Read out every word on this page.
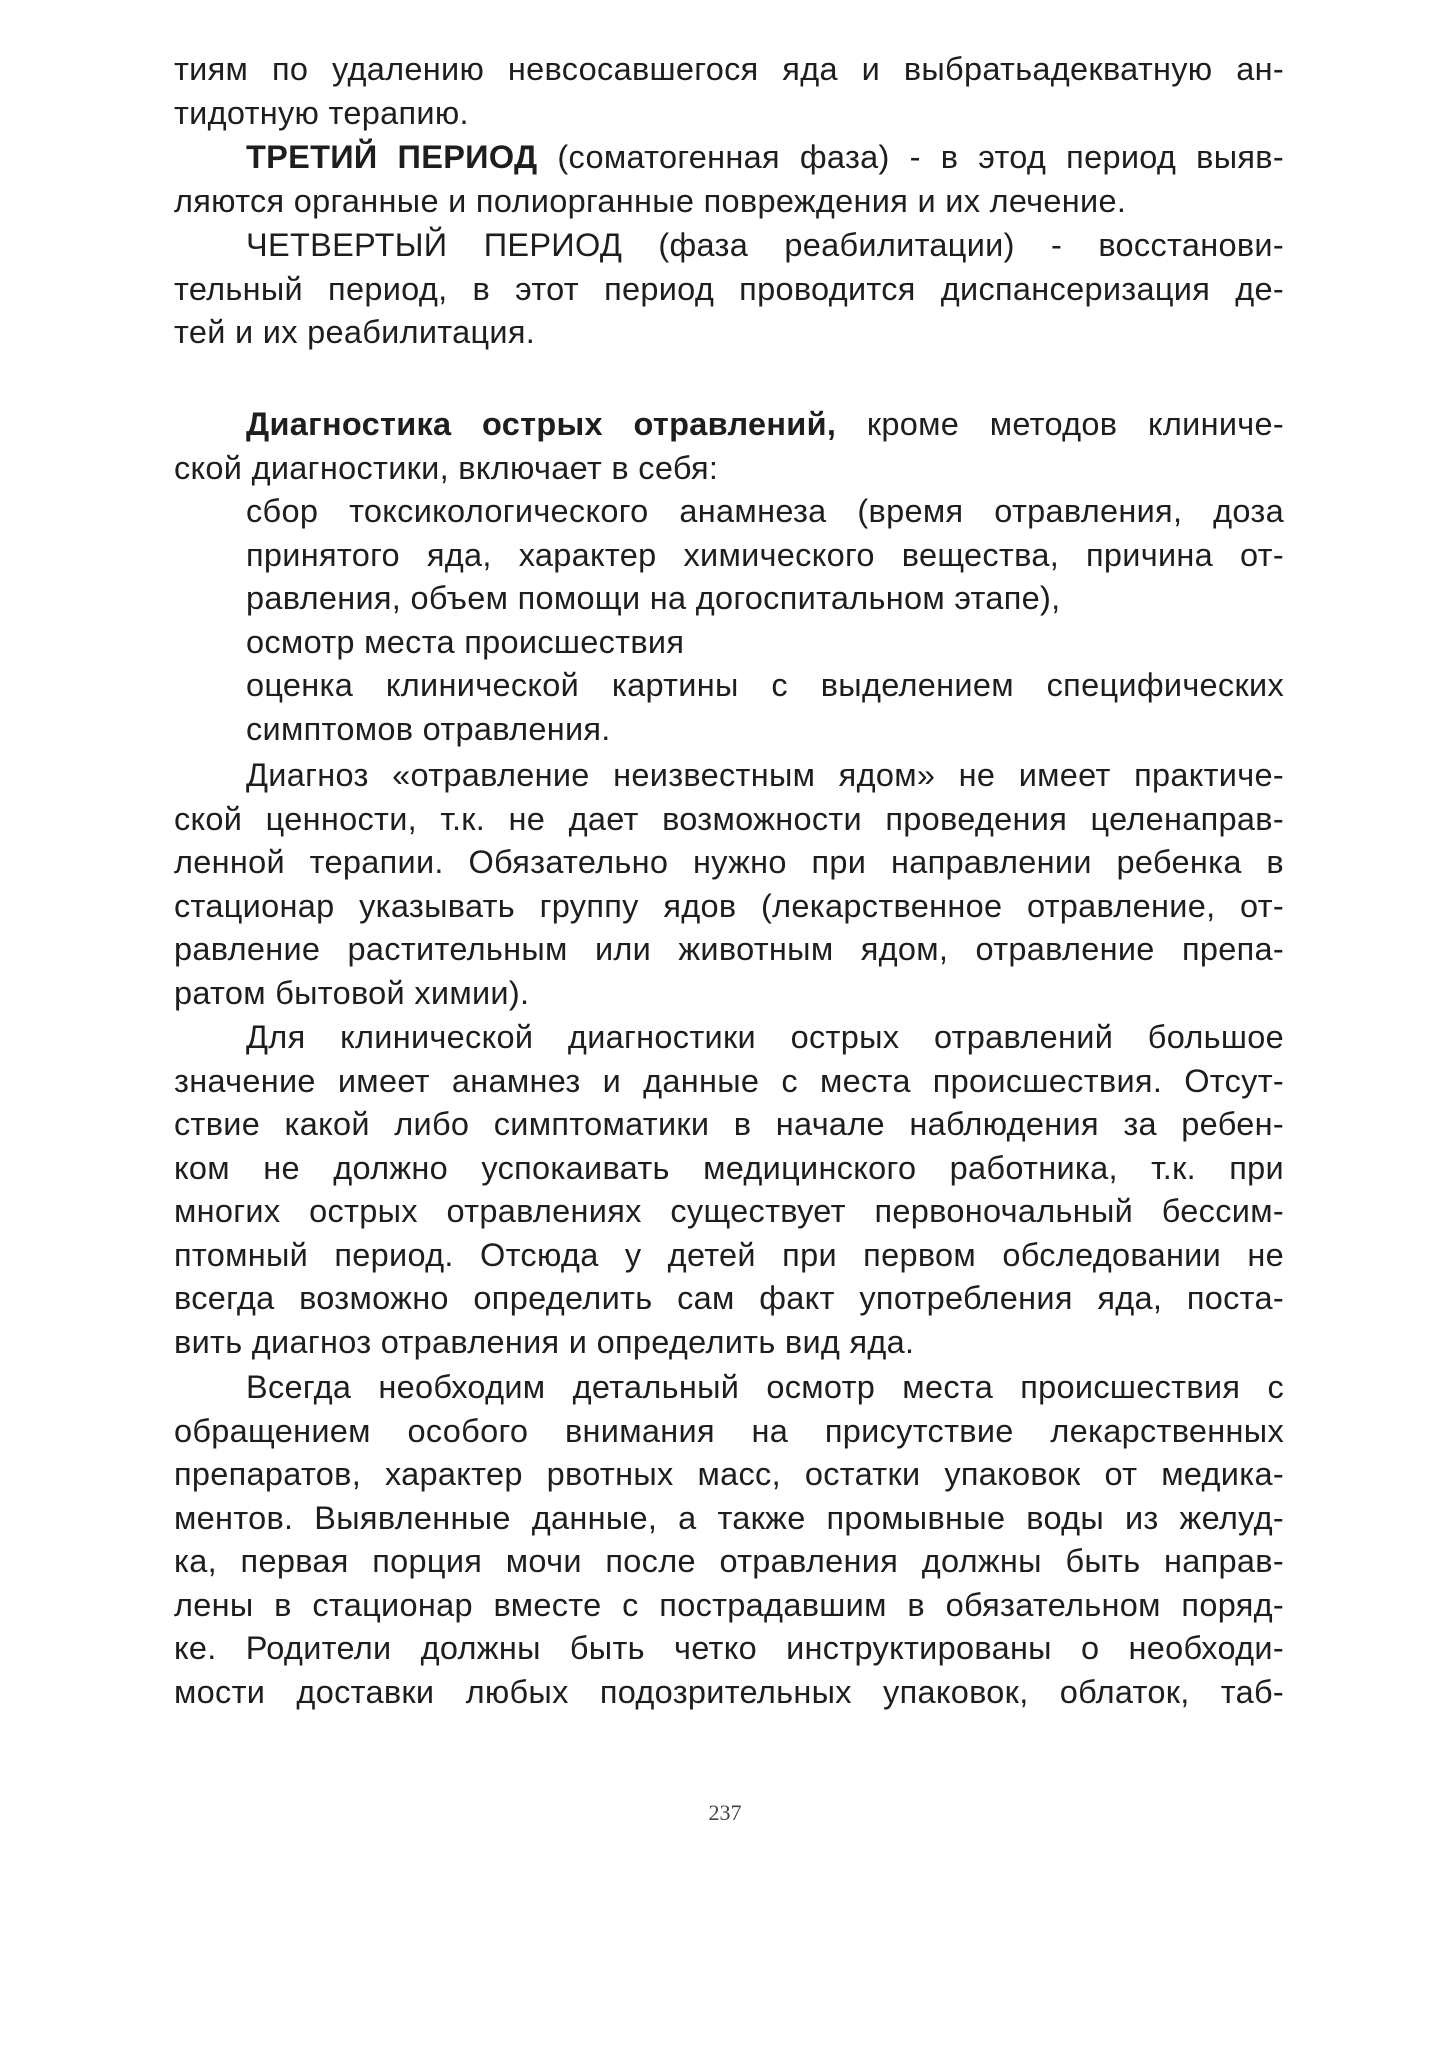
тиям по удалению невсосавшегося яда и выбратьадекватную ан-
тидотную терапию.
ТРЕТИЙ ПЕРИОД (соматогенная фаза) - в этод период выяв-
ляются органные и полиорганные повреждения и их лечение.
ЧЕТВЕРТЫЙ ПЕРИОД (фаза реабилитации) - восстанови-
тельный период, в этот период проводится диспансеризация де-
тей и их реабилитация.
Диагностика острых отравлений, кроме методов клиниче-
ской диагностики, включает в себя:
сбор токсикологического анамнеза (время отравления, доза
принятого яда, характер химического вещества, причина от-
равления, объем помощи на догоспитальном этапе),
осмотр места происшествия
оценка клинической картины с выделением специфических
симптомов отравления.
Диагноз «отравление неизвестным ядом» не имеет практиче-
ской ценности, т.к. не дает возможности проведения целенаправ-
ленной терапии. Обязательно нужно при направлении ребенка в
стационар указывать группу ядов (лекарственное отравление, от-
равление растительным или животным ядом, отравление препа-
ратом бытовой химии).
Для клинической диагностики острых отравлений большое
значение имеет анамнез и данные с места происшествия. Отсут-
ствие какой либо симптоматики в начале наблюдения за ребен-
ком не должно успокаивать медицинского работника, т.к. при
многих острых отравлениях существует первоночальный бессим-
птомный период. Отсюда у детей при первом обследовании не
всегда возможно определить сам факт употребления яда, поста-
вить диагноз отравления и определить вид яда.
Всегда необходим детальный осмотр места происшествия с
обращением особого внимания на присутствие лекарственных
препаратов, характер рвотных масс, остатки упаковок от медика-
ментов. Выявленные данные, а также промывные воды из желуд-
ка, первая порция мочи после отравления должны быть направ-
лены в стационар вместе с пострадавшим в обязательном поряд-
ке. Родители должны быть четко инструктированы о необходи-
мости доставки любых подозрительных упаковок, облаток, таб-
237
